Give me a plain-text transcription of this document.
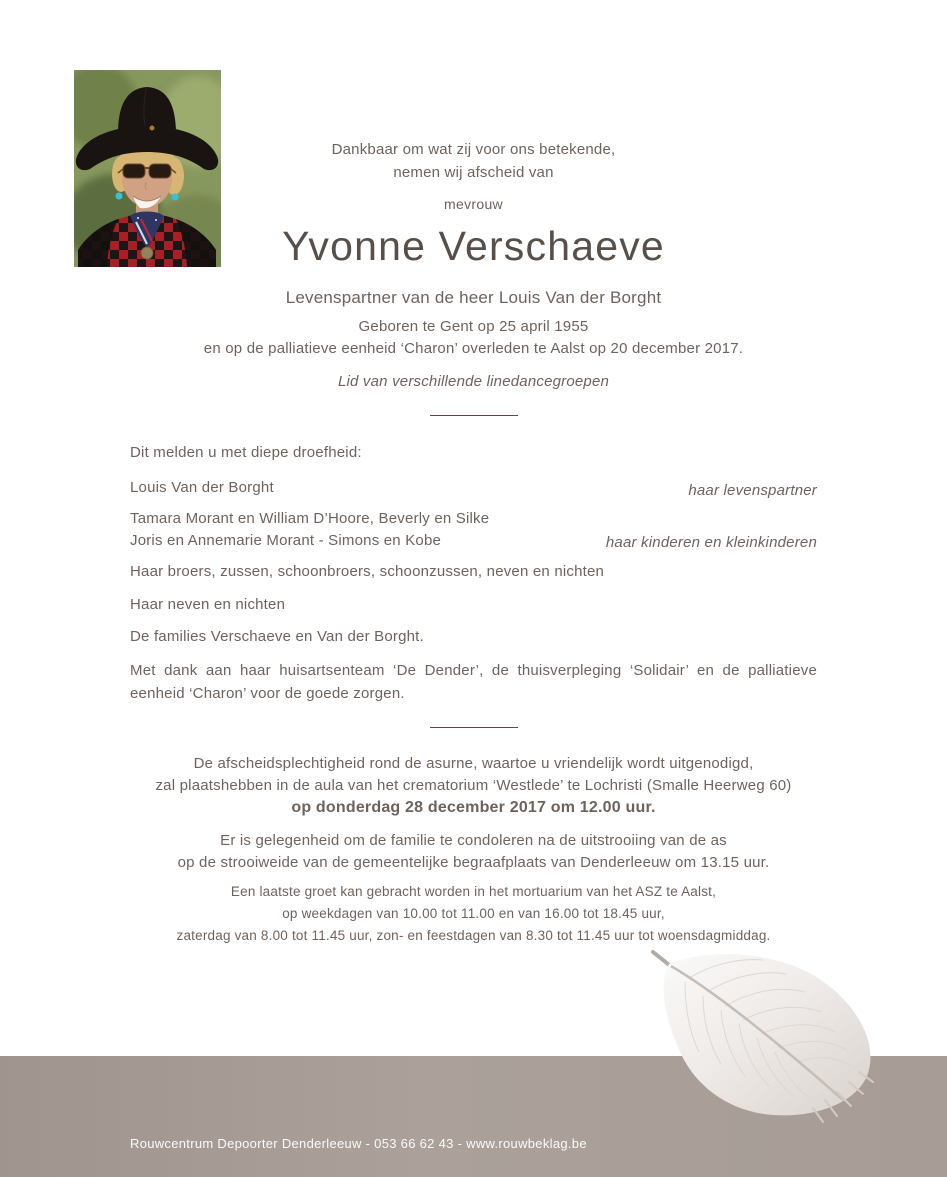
Dankbaar om wat zij voor ons betekende,
nemen wij afscheid van
mevrouw
Yvonne Verschaeve
Levenspartner van de heer Louis Van der Borght
Geboren te Gent op 25 april 1955
en op de palliatieve eenheid ‘Charon’ overleden te Aalst op 20 december 2017.
Lid van verschillende linedancegroepen
Dit melden u met diepe droefheid:
Louis Van der Borght	haar levenspartner
Tamara Morant en William D’Hoore, Beverly en Silke
Joris en Annemarie Morant - Simons en Kobe	haar kinderen en kleinkinderen
Haar broers, zussen, schoonbroers, schoonzussen, neven en nichten
Haar neven en nichten
De families Verschaeve en Van der Borght.
Met dank aan haar huisartsenteam ‘De Dender’, de thuisverpleging ‘Solidair’ en de palliatieve eenheid ‘Charon’ voor de goede zorgen.
De afscheidsplechtigheid rond de asurne, waartoe u vriendelijk wordt uitgenodigd,
zal plaatshebben in de aula van het crematorium ‘Westlede’ te Lochristi (Smalle Heerweg 60)
op donderdag 28 december 2017 om 12.00 uur.
Er is gelegenheid om de familie te condoleren na de uitstrooiing van de as
op de strooiweide van de gemeentelijke begraafplaats van Denderleeuw om 13.15 uur.
Een laatste groet kan gebracht worden in het mortuarium van het ASZ te Aalst,
op weekdagen van 10.00 tot 11.00 en van 16.00 tot 18.45 uur,
zaterdag van 8.00 tot 11.45 uur, zon- en feestdagen van 8.30 tot 11.45 uur tot woensdagmiddag.
Rouwcentrum Depoorter Denderleeuw - 053 66 62 43 - www.rouwbeklag.be
